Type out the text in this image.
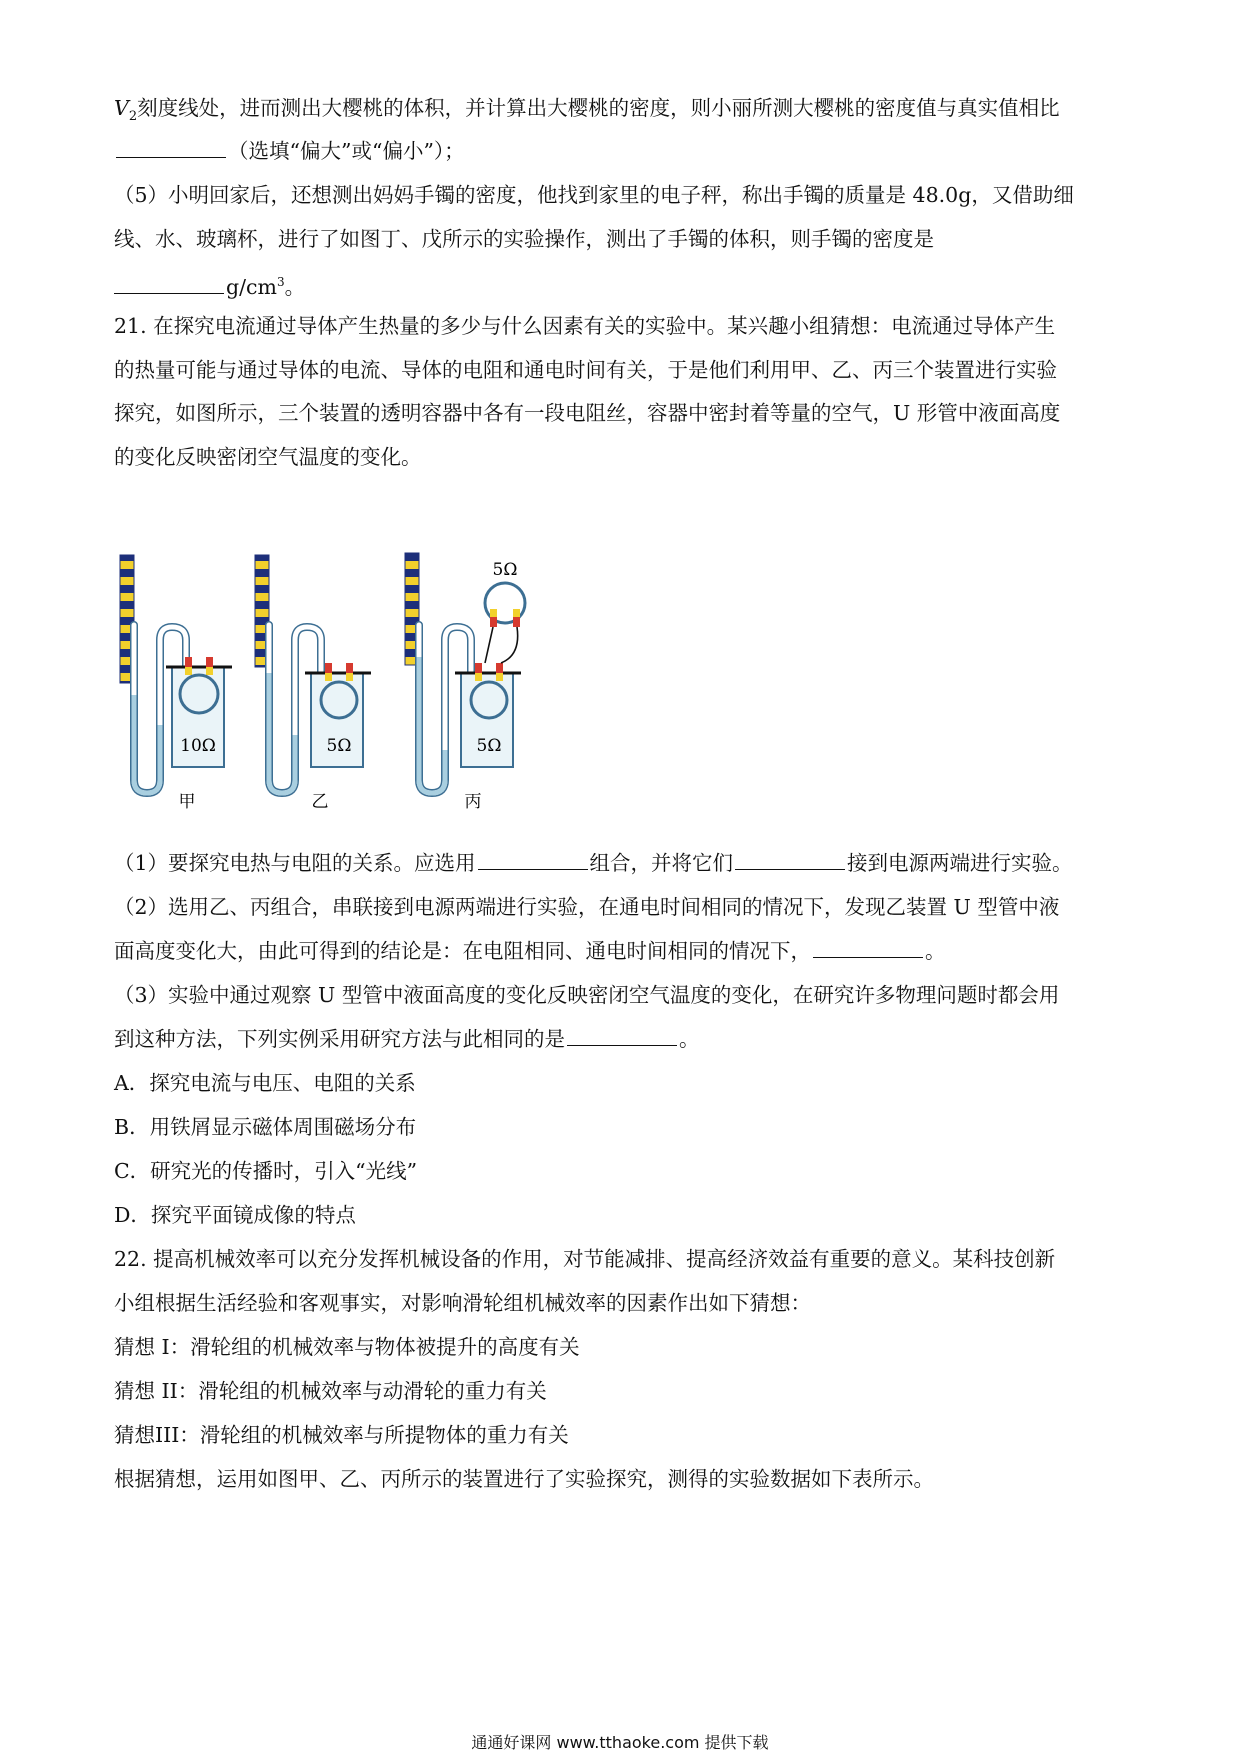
$V_2$刻度线处，进而测出大樱桃的体积，并计算出大樱桃的密度，则小丽所测大樱桃的密度值与真实值相比
（选填“偏大”或“偏小”）；
（5）小明回家后，还想测出妈妈手镯的密度，他找到家里的电子秤，称出手镯的质量是 48.0g，又借助细
线、水、玻璃杯，进行了如图丁、戊所示的实验操作，测出了手镯的体积，则手镯的密度是
$g/cm^3$。
21. 在探究电流通过导体产生热量的多少与什么因素有关的实验中。某兴趣小组猜想：电流通过导体产生
的热量可能与通过导体的电流、导体的电阻和通电时间有关，于是他们利用甲、乙、丙三个装置进行实验
探究，如图所示，三个装置的透明容器中各有一段电阻丝，容器中密封着等量的空气，U 形管中液面高度
的变化反映密闭空气温度的变化。
10Ω
甲
5Ω
乙
5Ω
5Ω
丙
（1）要探究电热与电阻的关系。应选用	组合，并将它们	接到电源两端进行实验。
（2）选用乙、丙组合，串联接到电源两端进行实验，在通电时间相同的情况下，发现乙装置 U 型管中液
面高度变化大，由此可得到的结论是：在电阻相同、通电时间相同的情况下，	。
（3）实验中通过观察 U 型管中液面高度的变化反映密闭空气温度的变化，在研究许多物理问题时都会用
到这种方法，下列实例采用研究方法与此相同的是	。
A．探究电流与电压、电阻的关系
B．用铁屑显示磁体周围磁场分布
C．研究光的传播时，引入“光线”
D．探究平面镜成像的特点
22. 提高机械效率可以充分发挥机械设备的作用，对节能减排、提高经济效益有重要的意义。某科技创新
小组根据生活经验和客观事实，对影响滑轮组机械效率的因素作出如下猜想：
猜想 I：滑轮组的机械效率与物体被提升的高度有关
猜想 II：滑轮组的机械效率与动滑轮的重力有关
猜想III：滑轮组的机械效率与所提物体的重力有关
根据猜想，运用如图甲、乙、丙所示的装置进行了实验探究，测得的实验数据如下表所示。
通通好课网 www.tthaoke.com 提供下载
